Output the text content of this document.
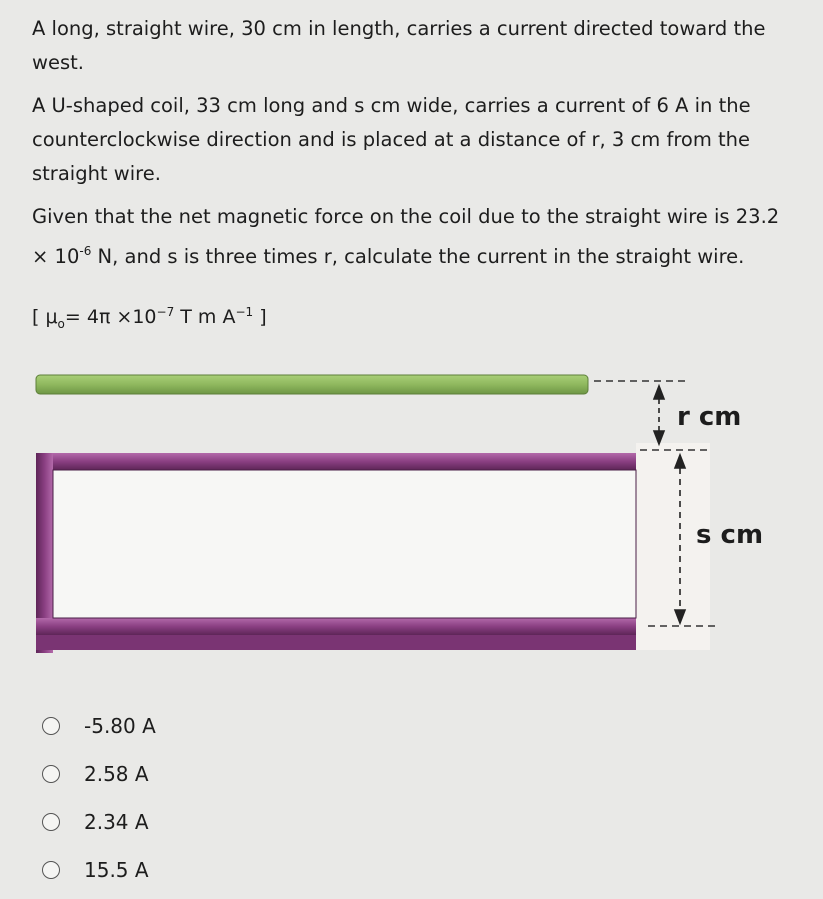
A long, straight wire, 30 cm in length, carries a current directed toward the west.

A U-shaped coil, 33 cm long and s cm wide, carries a current of 6 A in the counterclockwise direction and is placed at a distance of r, 3 cm from the straight wire.

Given that the net magnetic force on the coil due to the straight wire is $23.2 \times 10^{-6}$ N, and s is three times r, calculate the current in the straight wire.

[ $\mu_o= 4\pi \times 10^{-7}$ T m $A^{-1}$ ]
r cm
s cm
-5.80 A
2.58 A
2.34 A
15.5 A
